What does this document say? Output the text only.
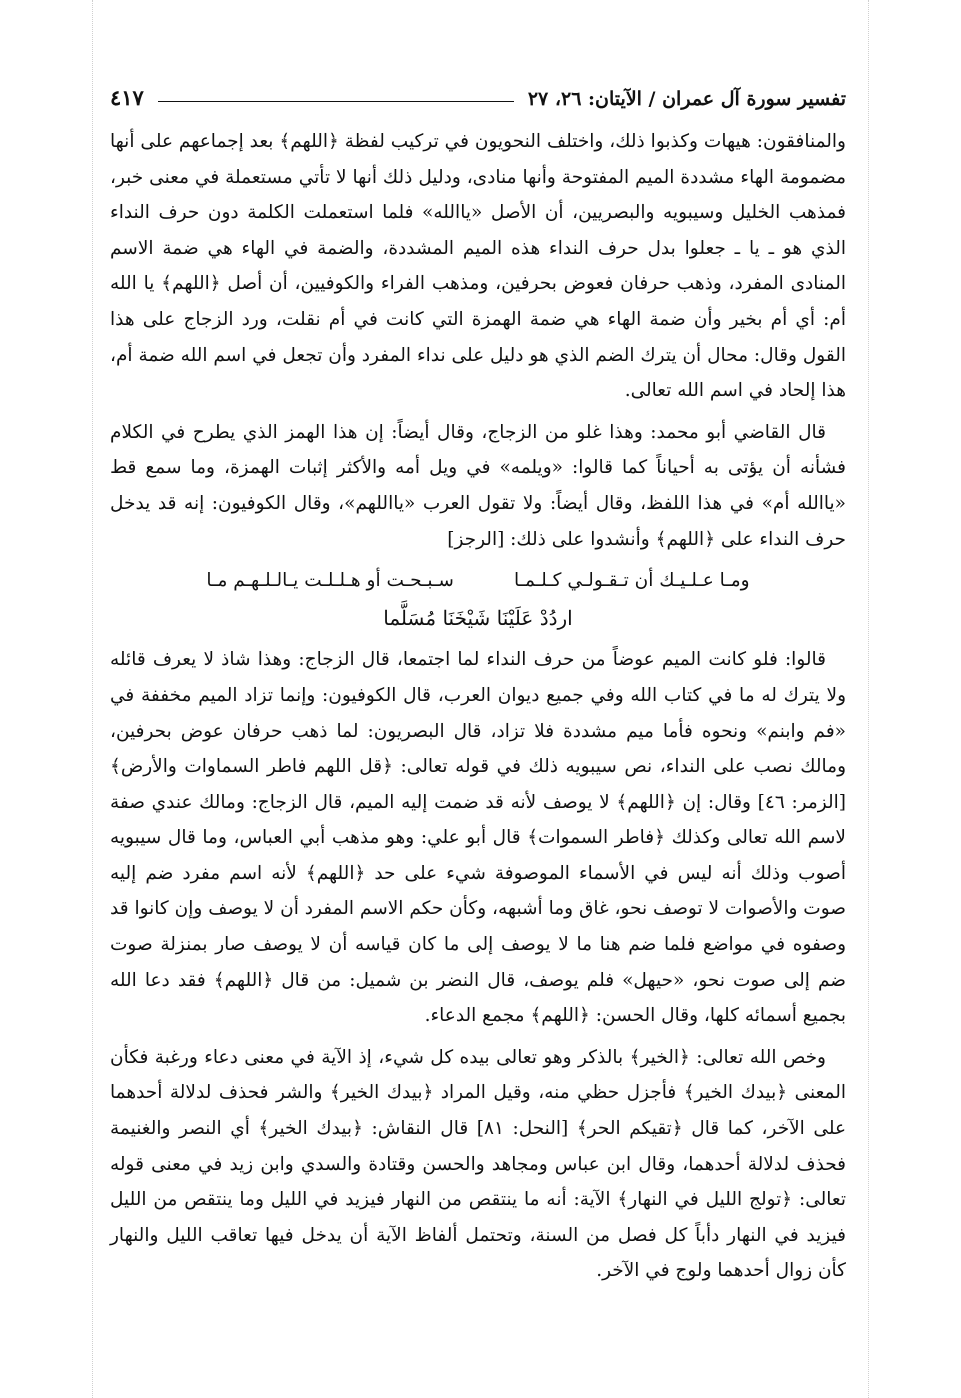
تفسير سورة آل عمران / الآيتان: ٢٦، ٢٧
٤١٧

والمنافقون: هيهات وكذبوا ذلك، واختلف النحويون في تركيب لفظة ﴿اللهم﴾ بعد إجماعهم على أنها مضمومة الهاء مشددة الميم المفتوحة وأنها منادى، ودليل ذلك أنها لا تأتي مستعملة في معنى خبر، فمذهب الخليل وسيبويه والبصريين، أن الأصل «ياالله» فلما استعملت الكلمة دون حرف النداء الذي هو ـ يا ـ جعلوا بدل حرف النداء هذه الميم المشددة، والضمة في الهاء هي ضمة الاسم المنادى المفرد، وذهب حرفان فعوض بحرفين، ومذهب الفراء والكوفيين، أن أصل ﴿اللهم﴾ يا الله أم: أي أم بخير وأن ضمة الهاء هي ضمة الهمزة التي كانت في أم نقلت، ورد الزجاج على هذا القول وقال: محال أن يترك الضم الذي هو دليل على نداء المفرد وأن تجعل في اسم الله ضمة أم، هذا إلحاد في اسم الله تعالى.

قال القاضي أبو محمد: وهذا غلو من الزجاج، وقال أيضاً: إن هذا الهمز الذي يطرح في الكلام فشأنه أن يؤتى به أحياناً كما قالوا: «ويلمه» في ويل أمه والأكثر إثبات الهمزة، وما سمع قط «ياالله أم» في هذا اللفظ، وقال أيضاً: ولا تقول العرب «يااللهم»، وقال الكوفيون: إنه قد يدخل حرف النداء على ﴿اللهم﴾ وأنشدوا على ذلك: [الرجز]

ومـا عـلـيـك أن تـقـولـي كـلـمـا
سـبـحـت أو هـلـلـت يـالـلـهـم مـا
اردُدْ عَلَيْنَا شَيْخَنَا مُسَلَّما

قالوا: فلو كانت الميم عوضاً من حرف النداء لما اجتمعا، قال الزجاج: وهذا شاذ لا يعرف قائله ولا يترك له ما في كتاب الله وفي جميع ديوان العرب، قال الكوفيون: وإنما تزاد الميم مخففة في «فم وابنم» ونحوه فأما ميم مشددة فلا تزاد، قال البصريون: لما ذهب حرفان عوض بحرفين، ومالك نصب على النداء، نص سيبويه ذلك في قوله تعالى: ﴿قل اللهم فاطر السماوات والأرض﴾ [الزمر: ٤٦] وقال: إن ﴿اللهم﴾ لا يوصف لأنه قد ضمت إليه الميم، قال الزجاج: ومالك عندي صفة لاسم الله تعالى وكذلك ﴿فاطر السموات﴾ قال أبو علي: وهو مذهب أبي العباس، وما قال سيبويه أصوب وذلك أنه ليس في الأسماء الموصوفة شيء على حد ﴿اللهم﴾ لأنه اسم مفرد ضم إليه صوت والأصوات لا توصف نحو، غاق وما أشبهه، وكأن حكم الاسم المفرد أن لا يوصف وإن كانوا قد وصفوه في مواضع فلما ضم هنا ما لا يوصف إلى ما كان قياسه أن لا يوصف صار بمنزلة صوت ضم إلى صوت نحو، «حيهل» فلم يوصف، قال النضر بن شميل: من قال ﴿اللهم﴾ فقد دعا الله بجميع أسمائه كلها، وقال الحسن: ﴿اللهم﴾ مجمع الدعاء.

وخص الله تعالى: ﴿الخير﴾ بالذكر وهو تعالى بيده كل شيء، إذ الآية في معنى دعاء ورغبة فكأن المعنى ﴿بيدك الخير﴾ فأجزل حظي منه، وقيل المراد ﴿بيدك الخير﴾ والشر فحذف لدلالة أحدهما على الآخر، كما قال ﴿تقيكم الحر﴾ [النحل: ٨١] قال النقاش: ﴿بيدك الخير﴾ أي النصر والغنيمة فحذف لدلالة أحدهما، وقال ابن عباس ومجاهد والحسن وقتادة والسدي وابن زيد في معنى قوله تعالى: ﴿تولج الليل في النهار﴾ الآية: أنه ما ينتقص من النهار فيزيد في الليل وما ينتقص من الليل فيزيد في النهار دأباً كل فصل من السنة، وتحتمل ألفاظ الآية أن يدخل فيها تعاقب الليل والنهار كأن زوال أحدهما ولوج في الآخر.
